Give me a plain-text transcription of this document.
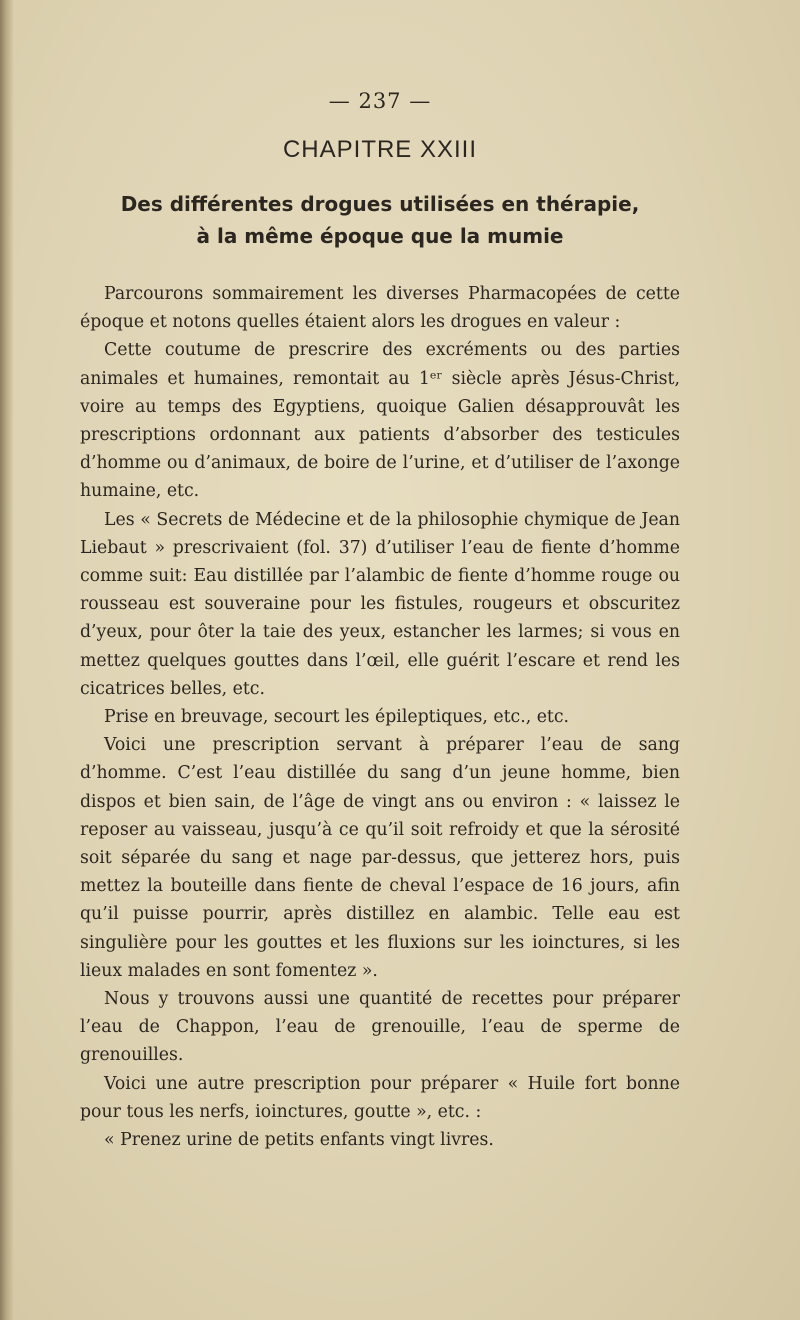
— 237 —
CHAPITRE XXIII
Des différentes drogues utilisées en thérapie,
à la même époque que la mumie

Parcourons sommairement les diverses Pharmacopées de cette époque et notons quelles étaient alors les drogues en valeur :

Cette coutume de prescrire des excréments ou des parties animales et humaines, remontait au 1ᵉʳ siècle après Jésus-Christ, voire au temps des Egyptiens, quoique Galien désapprouvât les prescriptions ordonnant aux patients d’absorber des testicules d’homme ou d’animaux, de boire de l’urine, et d’utiliser de l’axonge humaine, etc.

Les « Secrets de Médecine et de la philosophie chymique de Jean Liebaut » prescrivaient (fol. 37) d’utiliser l’eau de fiente d’homme comme suit: Eau distillée par l’alambic de fiente d’homme rouge ou rousseau est souveraine pour les fistules, rougeurs et obscuritez d’yeux, pour ôter la taie des yeux, estancher les larmes; si vous en mettez quelques gouttes dans l’œil, elle guérit l’escare et rend les cicatrices belles, etc.

Prise en breuvage, secourt les épileptiques, etc., etc.

Voici une prescription servant à préparer l’eau de sang d’homme. C’est l’eau distillée du sang d’un jeune homme, bien dispos et bien sain, de l’âge de vingt ans ou environ : « laissez le reposer au vaisseau, jusqu’à ce qu’il soit refroidy et que la sérosité soit séparée du sang et nage par-dessus, que jetterez hors, puis mettez la bouteille dans fiente de cheval l’espace de 16 jours, afin qu’il puisse pourrir, après distillez en alambic. Telle eau est singulière pour les gouttes et les fluxions sur les ioinctures, si les lieux malades en sont fomentez ».

Nous y trouvons aussi une quantité de recettes pour préparer l’eau de Chappon, l’eau de grenouille, l’eau de sperme de grenouilles.

Voici une autre prescription pour préparer « Huile fort bonne pour tous les nerfs, ioinctures, goutte », etc. :

« Prenez urine de petits enfants vingt livres.
